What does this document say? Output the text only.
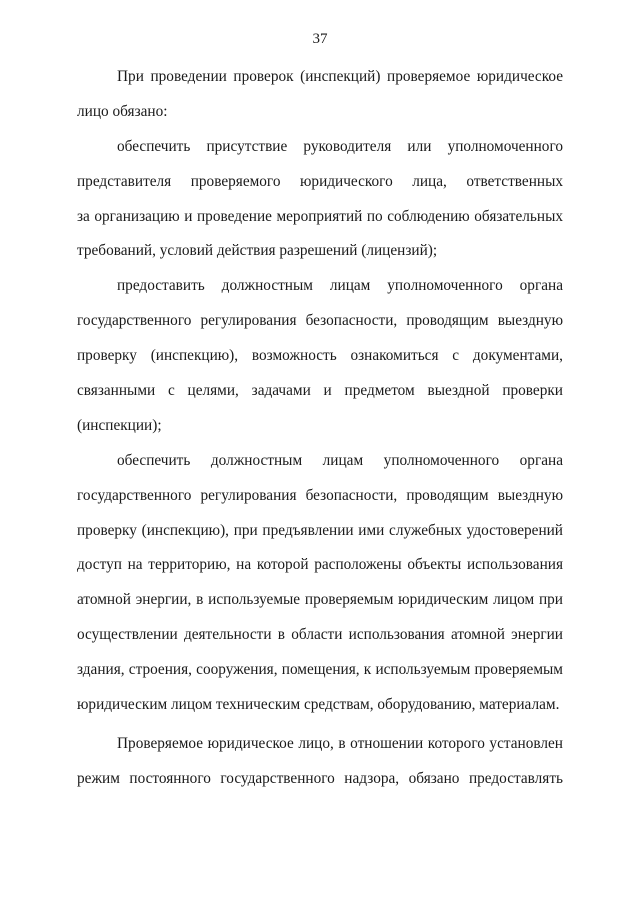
37
При проведении проверок (инспекций) проверяемое юридическое
лицо обязано:
обеспечить присутствие руководителя или уполномоченного
представителя проверяемого юридического лица, ответственных
за организацию и проведение мероприятий по соблюдению обязательных
требований, условий действия разрешений (лицензий);
предоставить должностным лицам уполномоченного органа
государственного регулирования безопасности, проводящим выездную
проверку (инспекцию), возможность ознакомиться с документами,
связанными с целями, задачами и предметом выездной проверки
(инспекции);
обеспечить должностным лицам уполномоченного органа
государственного регулирования безопасности, проводящим выездную
проверку (инспекцию), при предъявлении ими служебных удостоверений
доступ на территорию, на которой расположены объекты использования
атомной энергии, в используемые проверяемым юридическим лицом при
осуществлении деятельности в области использования атомной энергии
здания, строения, сооружения, помещения, к используемым проверяемым
юридическим лицом техническим средствам, оборудованию, материалам.
Проверяемое юридическое лицо, в отношении которого установлен
режим постоянного государственного надзора, обязано предоставлять
